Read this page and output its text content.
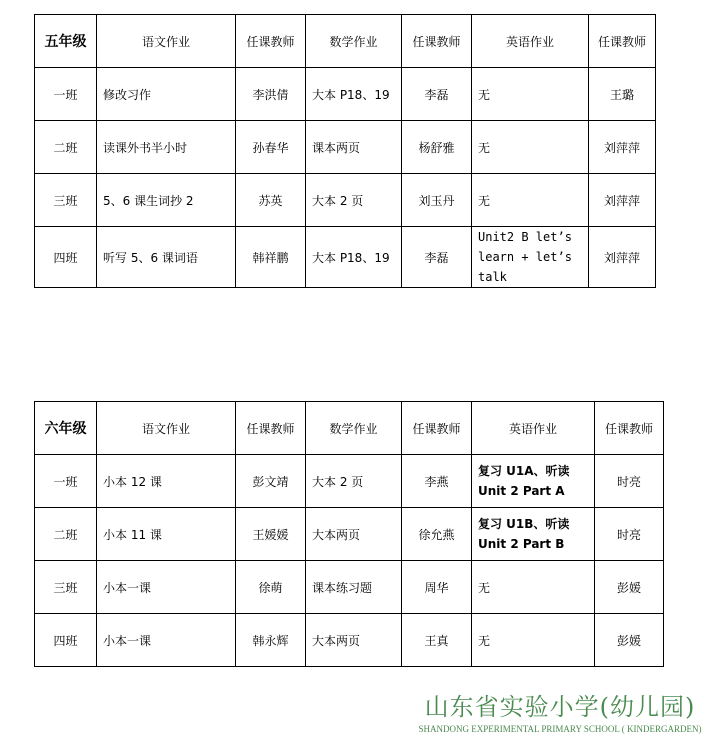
五年级	语文作业	任课教师	数学作业	任课教师	英语作业	任课教师
一班	修改习作	李洪倩	大本 P18、19	李磊	无	王璐
二班	读课外书半小时	孙春华	课本两页	杨舒雅	无	刘萍萍
三班	5、6 课生词抄 2	苏英	大本 2 页	刘玉丹	无	刘萍萍
四班	听写 5、6 课词语	韩祥鹏	大本 P18、19	李磊	Unit2 B let’s learn + let’s talk	刘萍萍
六年级	语文作业	任课教师	数学作业	任课教师	英语作业	任课教师
一班	小本 12 课	彭文靖	大本 2 页	李燕	复习 U1A、听读 Unit 2 Part A	时亮
二班	小本 11 课	王媛媛	大本两页	徐允燕	复习 U1B、听读 Unit 2 Part B	时亮
三班	小本一课	徐萌	课本练习题	周华	无	彭媛
四班	小本一课	韩永辉	大本两页	王真	无	彭媛
山东省实验小学(幼儿园)
SHANDONG EXPERIMENTAL PRIMARY SCHOOL ( KINDERGARDEN)
